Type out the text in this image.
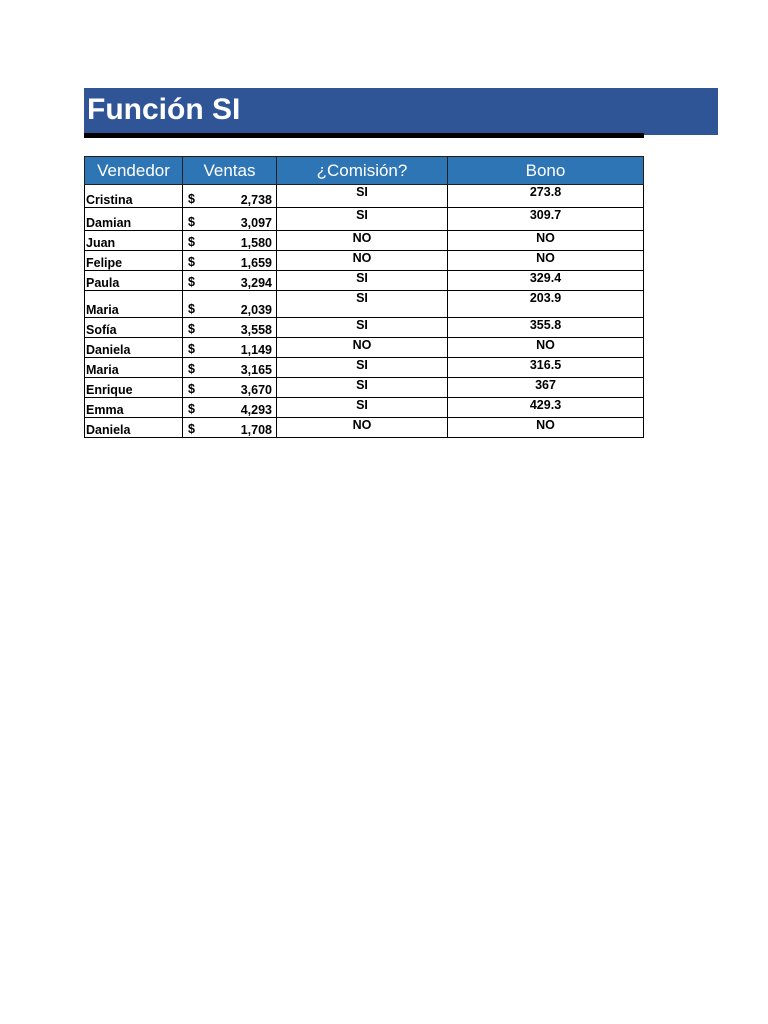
Función SI
Vendedor	Ventas	¿Comisión?	Bono
Cristina	$ 2,738	SI	273.8
Damian	$ 3,097	SI	309.7
Juan	$ 1,580	NO	NO
Felipe	$ 1,659	NO	NO
Paula	$ 3,294	SI	329.4
Maria	$ 2,039	SI	203.9
Sofía	$ 3,558	SI	355.8
Daniela	$ 1,149	NO	NO
Maria	$ 3,165	SI	316.5
Enrique	$ 3,670	SI	367
Emma	$ 4,293	SI	429.3
Daniela	$ 1,708	NO	NO
